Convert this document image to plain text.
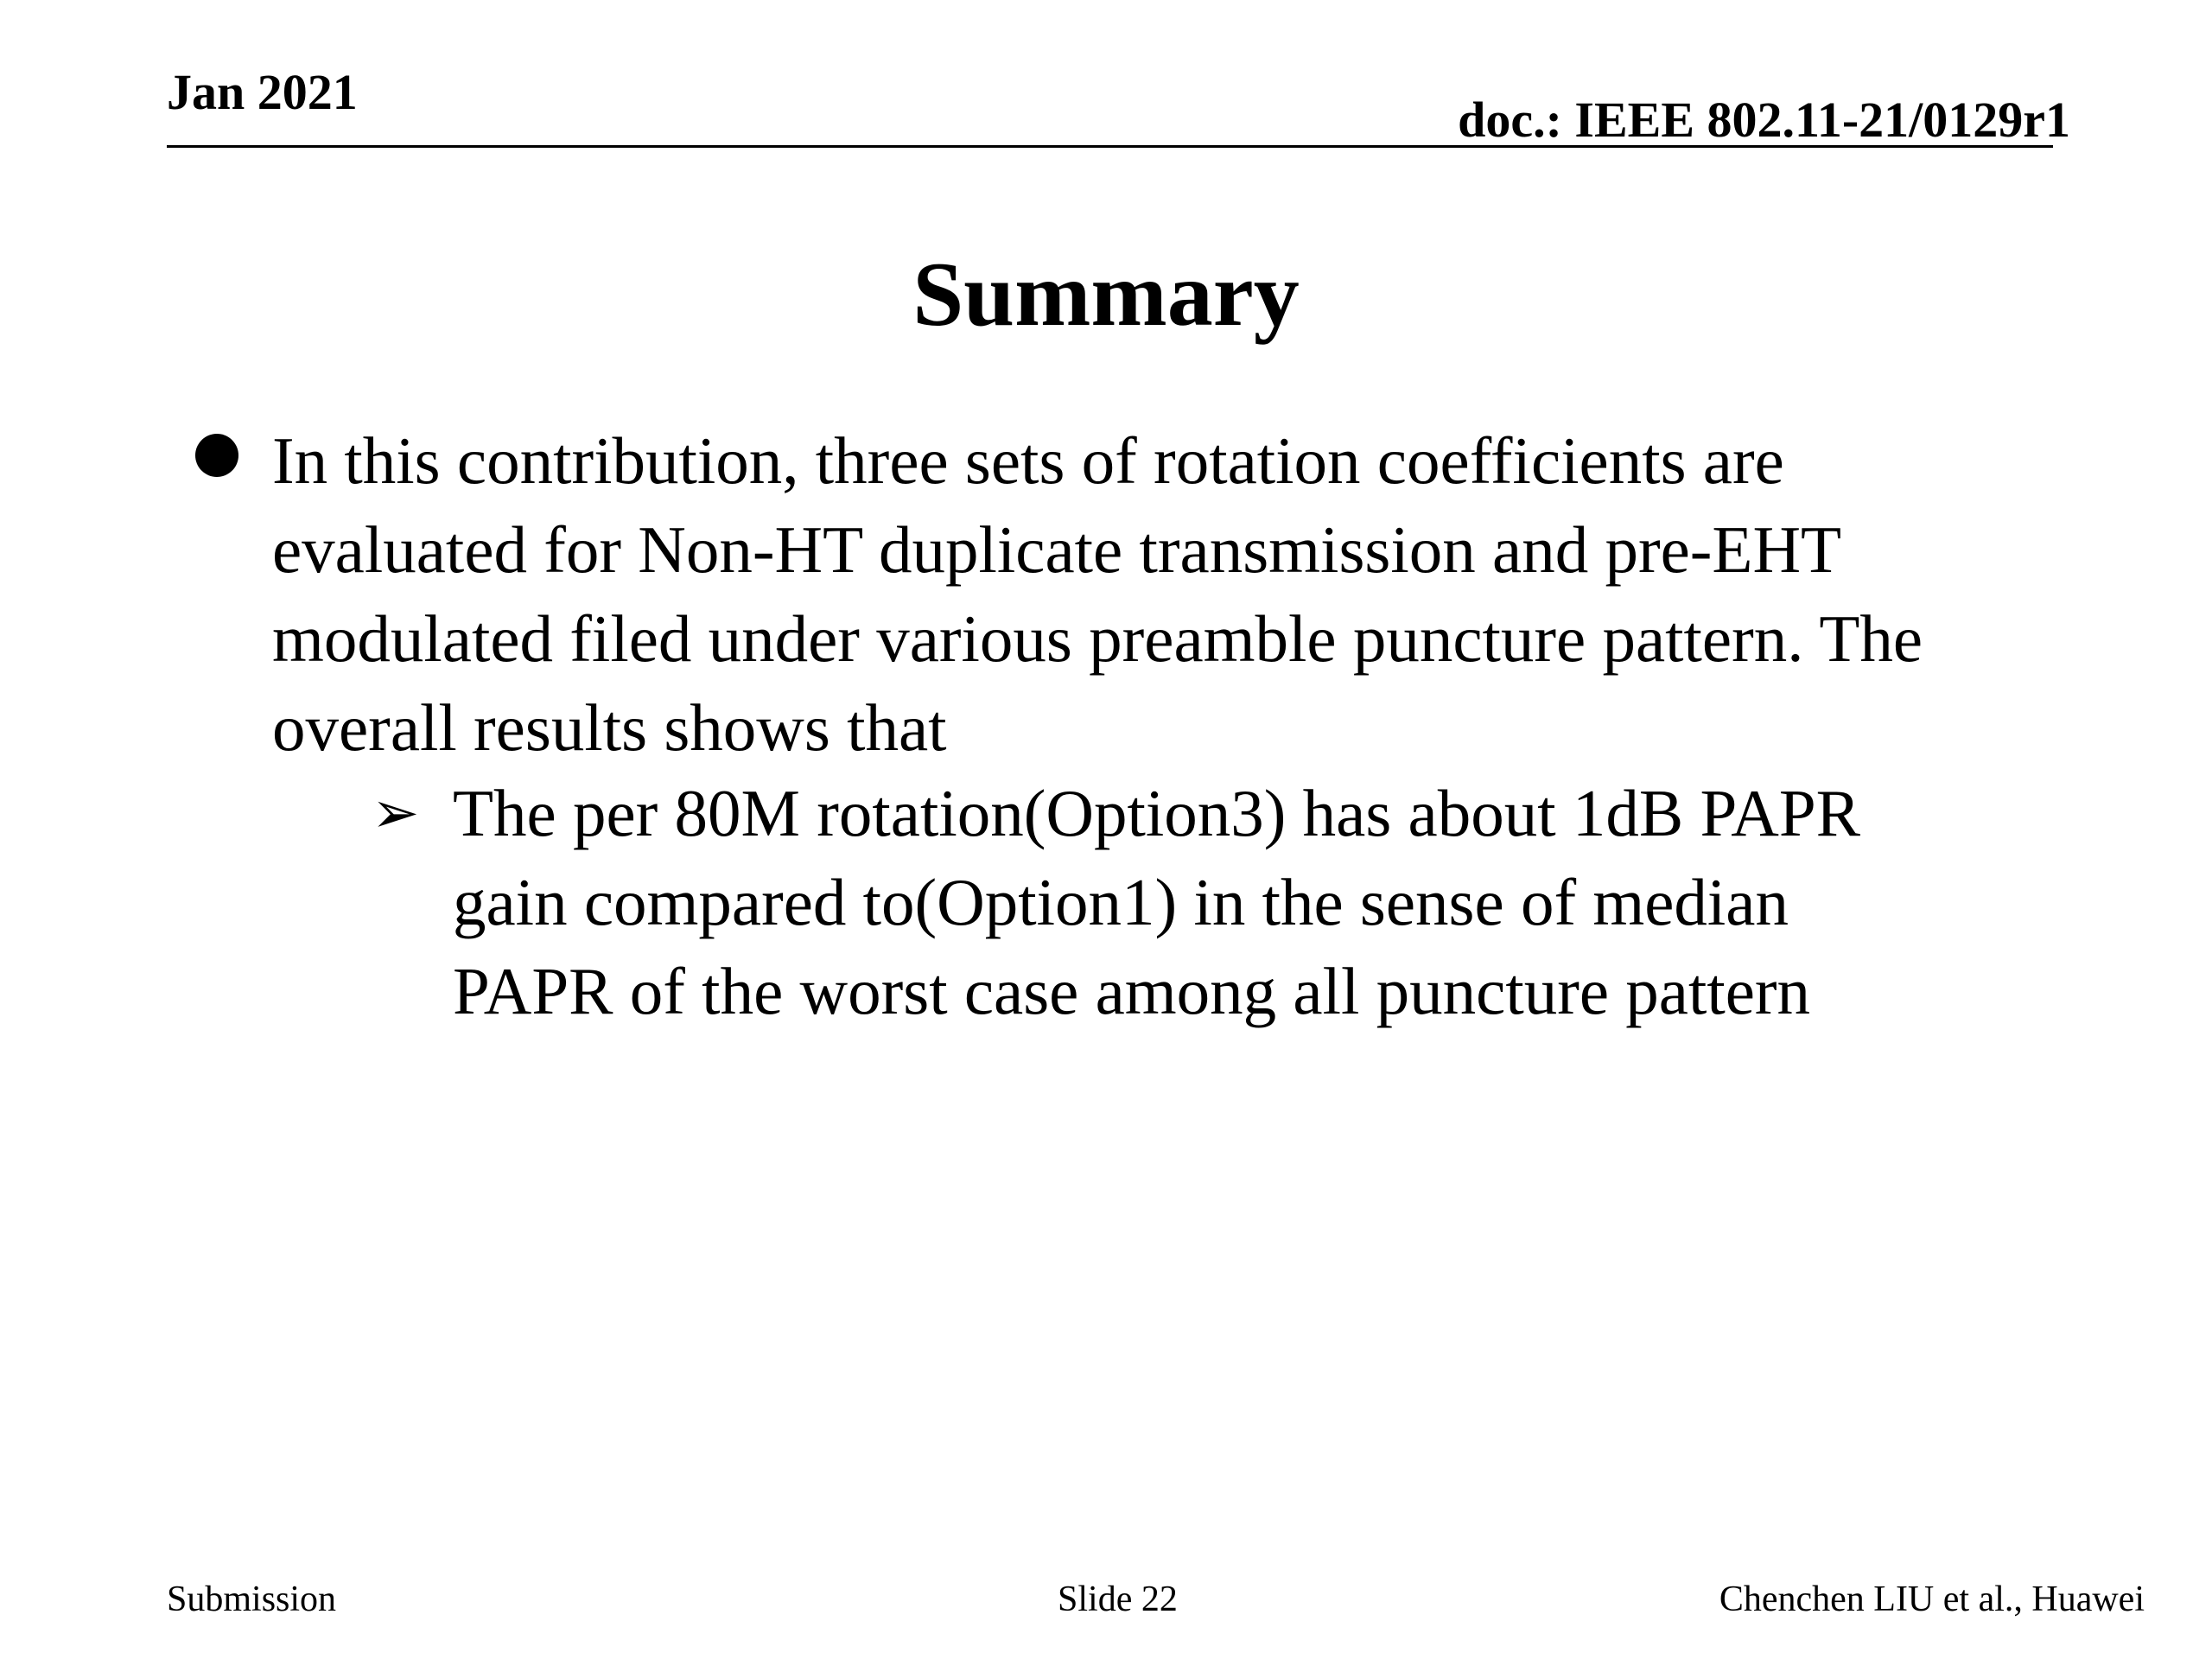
Jan 2021	doc.: IEEE 802.11-21/0129r1
Summary
In this contribution, three sets of rotation coefficients are
evaluated for Non-HT duplicate transmission and pre-EHT
modulated filed under various preamble puncture pattern. The
overall results shows that
➢ The per 80M rotation(Option3) has about 1dB PAPR
gain compared to(Option1) in the sense of median
PAPR of the worst case among all puncture pattern
Submission	Slide 22	Chenchen LIU et al., Huawei
